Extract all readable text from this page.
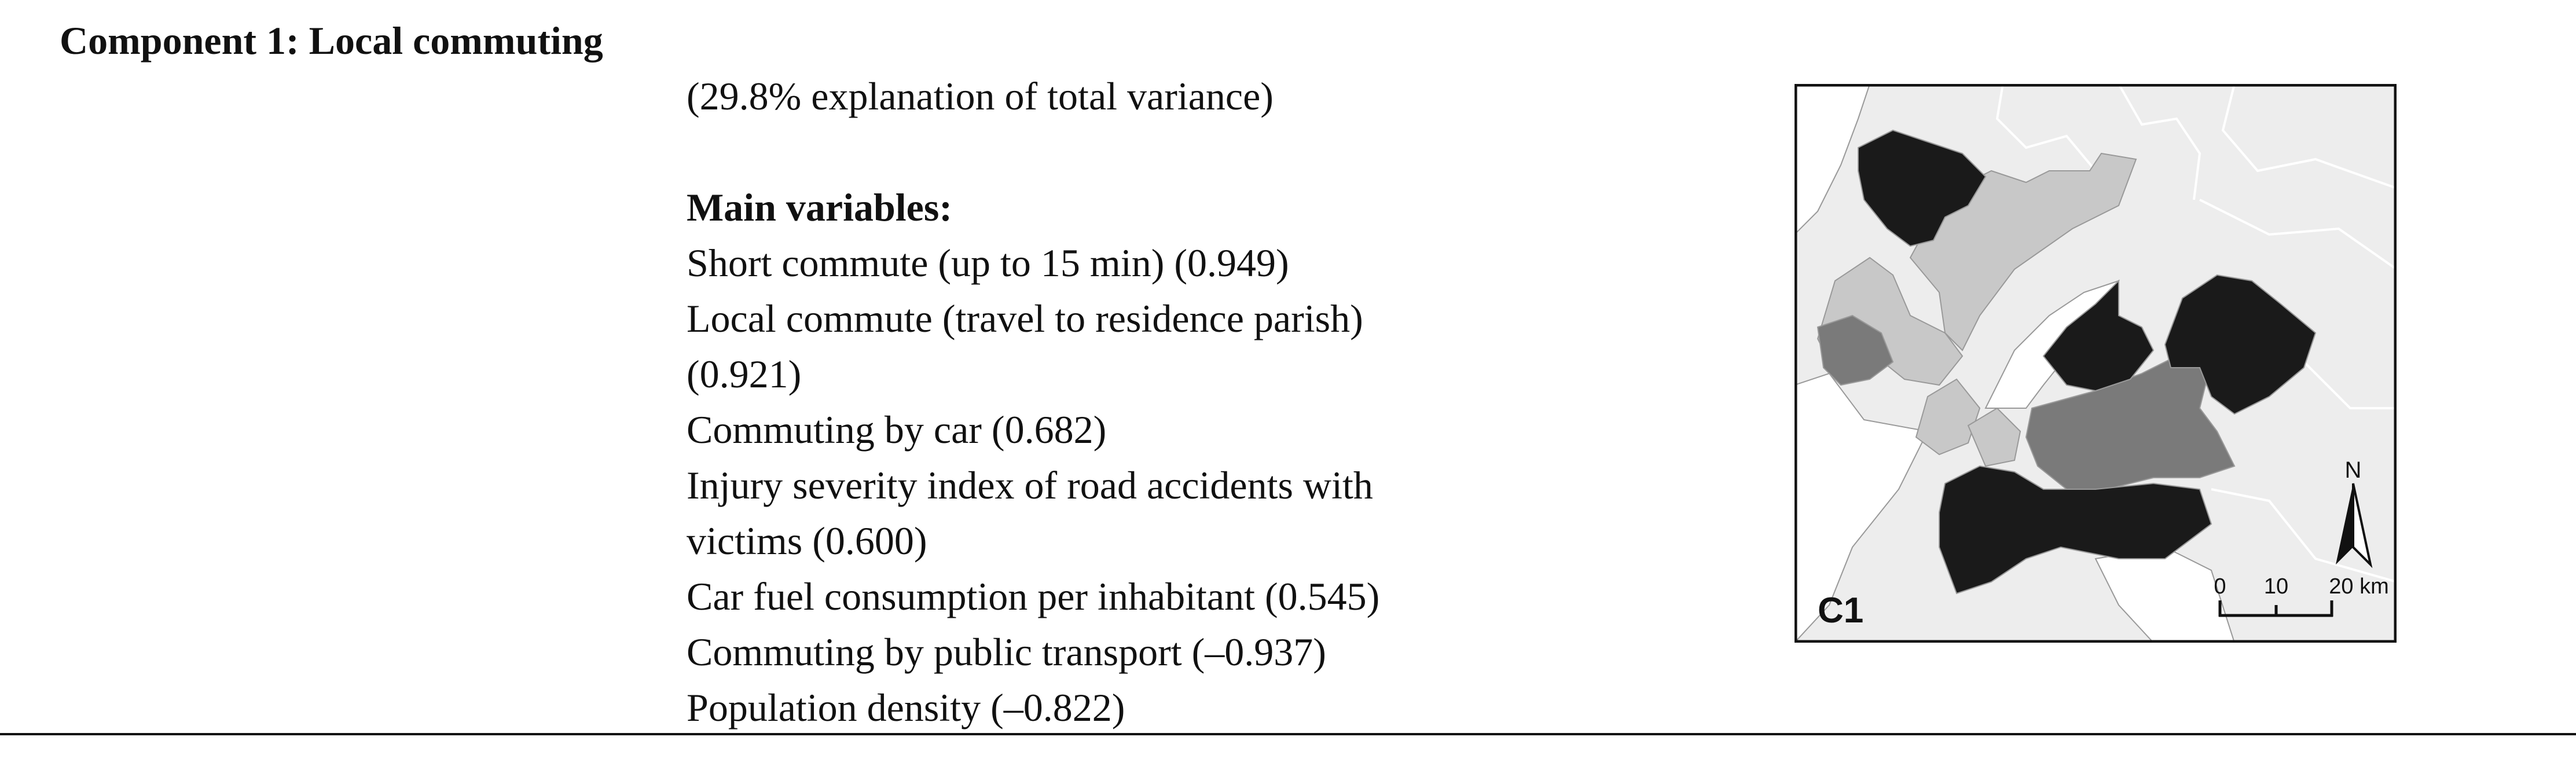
Component 1: Local commuting
(29.8% explanation of total variance)
Main variables:
Short commute (up to 15 min) (0.949)
Local commute (travel to residence parish)
(0.921)
Commuting by car (0.682)
Injury severity index of road accidents with
victims (0.600)
Car fuel consumption per inhabitant (0.545)
Commuting by public transport (–0.937)
Population density (–0.822)
N
0 10 20 km
C1
